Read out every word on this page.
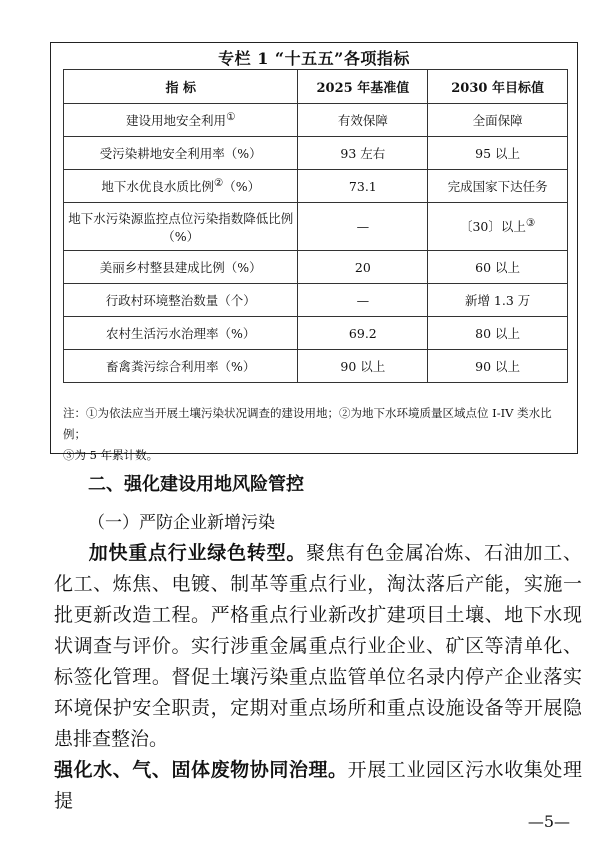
专栏 1 “十五五”各项指标
指 标	2025 年基准值	2030 年目标值
建设用地安全利用①	有效保障	全面保障
受污染耕地安全利用率（%）	93 左右	95 以上
地下水优良水质比例②（%）	73.1	完成国家下达任务
地下水污染源监控点位污染指数降低比例（%）	—	〔30〕以上③
美丽乡村整县建成比例（%）	20	60 以上
行政村环境整治数量（个）	—	新增 1.3 万
农村生活污水治理率（%）	69.2	80 以上
畜禽粪污综合利用率（%）	90 以上	90 以上
注：①为依法应当开展土壤污染状况调查的建设用地；②为地下水环境质量区域点位 I-IV 类水比例；
③为 5 年累计数。
二、强化建设用地风险管控
（一）严防企业新增污染
加快重点行业绿色转型。聚焦有色金属冶炼、石油加工、化工、炼焦、电镀、制革等重点行业，淘汰落后产能，实施一批更新改造工程。严格重点行业新改扩建项目土壤、地下水现状调查与评价。实行涉重金属重点行业企业、矿区等清单化、标签化管理。督促土壤污染重点监管单位名录内停产企业落实环境保护安全职责，定期对重点场所和重点设施设备等开展隐患排查整治。
强化水、气、固体废物协同治理。开展工业园区污水收集处理提
—5—
